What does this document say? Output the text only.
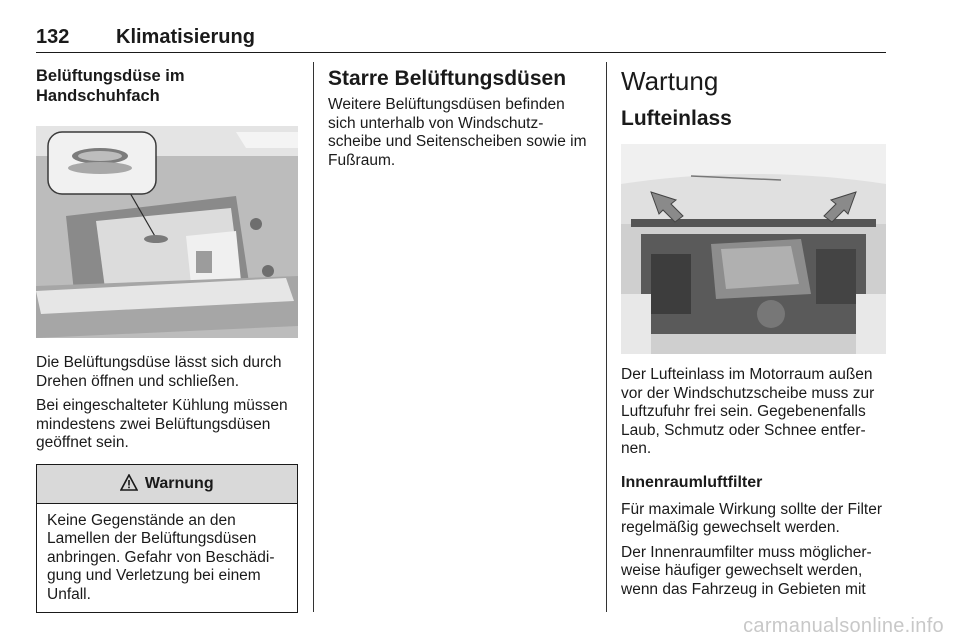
132 Klimatisierung
Belüftungsdüse im
Handschuhfach

Die Belüftungsdüse lässt sich durch Drehen öffnen und schließen.

Bei eingeschalteter Kühlung müssen mindestens zwei Belüftungsdüsen geöffnet sein.

Warnung

Keine Gegenstände an den Lamellen der Belüftungsdüsen anbringen. Gefahr von Beschädi-gung und Verletzung bei einem Unfall.

Starre Belüftungsdüsen

Weitere Belüftungsdüsen befinden sich unterhalb von Windschutz-scheibe und Seitenscheiben sowie im Fußraum.

Wartung
Lufteinlass

Der Lufteinlass im Motorraum außen vor der Windschutzscheibe muss zur Luftzufuhr frei sein. Gegebenenfalls Laub, Schmutz oder Schnee entfer-nen.

Innenraumluftfilter

Für maximale Wirkung sollte der Filter regelmäßig gewechselt werden.

Der Innenraumfilter muss möglicher-weise häufiger gewechselt werden, wenn das Fahrzeug in Gebieten mit

carmanualsonline.info
